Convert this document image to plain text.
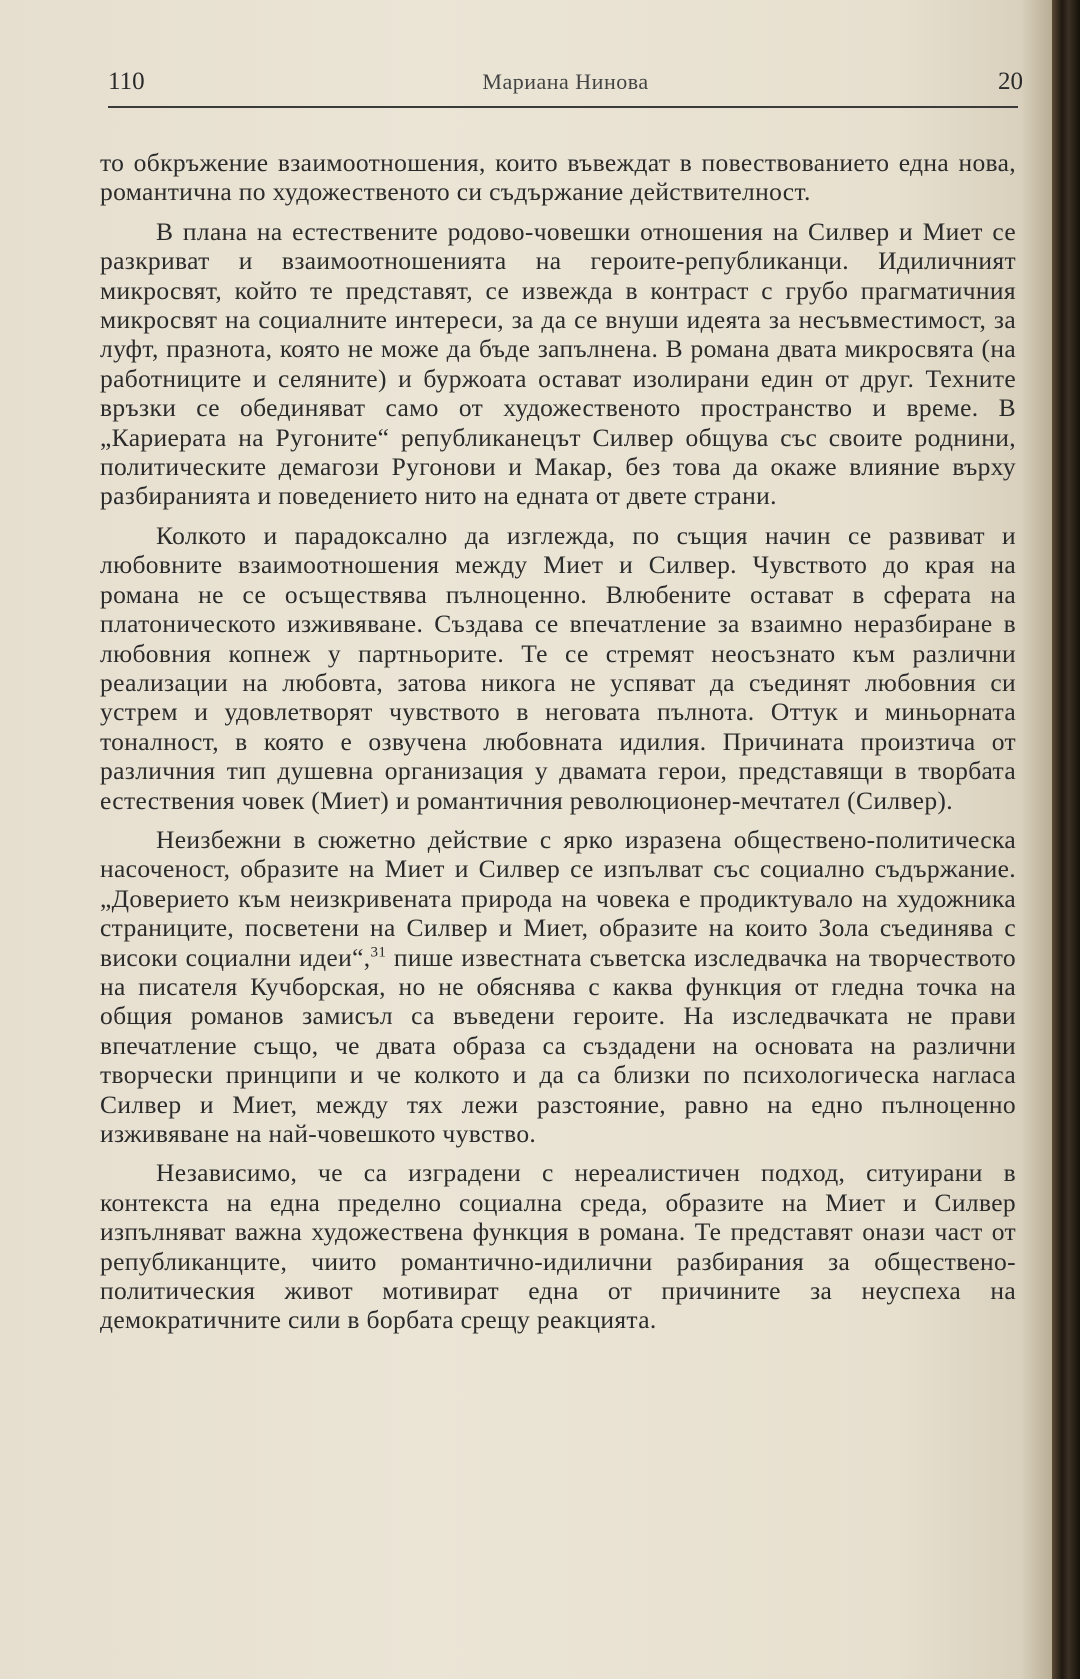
110	Мариана Нинова	20

то обкръжение взаимоотношения, които въвеждат в повествованието една нова, романтична по художественото си съдържание действителност.

В плана на естествените родово-човешки отношения на Силвер и Миет се разкриват и взаимоотношенията на героите-републиканци. Идиличният микросвят, който те представят, се извежда в контраст с грубо прагматичния микросвят на социалните интереси, за да се внуши идеята за несъвместимост, за луфт, празнота, която не може да бъде запълнена. В романа двата микросвята (на работниците и селяните) и буржоата остават изолирани един от друг. Техните връзки се обединяват само от художественото пространство и време. В „Кариерата на Ругоните“ републиканецът Силвер общува със своите роднини, политическите демагози Ругонови и Макар, без това да окаже влияние върху разбиранията и поведението нито на едната от двете страни.

Колкото и парадоксално да изглежда, по същия начин се развиват и любовните взаимоотношения между Миет и Силвер. Чувството до края на романа не се осъществява пълноценно. Влюбените остават в сферата на платоническото изживяване. Създава се впечатление за взаимно неразбиране в любовния копнеж у партньорите. Те се стремят неосъзнато към различни реализации на любовта, затова никога не успяват да съединят любовния си устрем и удовлетворят чувството в неговата пълнота. Оттук и миньорната тоналност, в която е озвучена любовната идилия. Причината произтича от различния тип душевна организация у двамата герои, представящи в творбата естествения човек (Миет) и романтичния революционер-мечтател (Силвер).

Неизбежни в сюжетно действие с ярко изразена обществено-политическа насоченост, образите на Миет и Силвер се изпълват със социално съдържание. „Доверието към неизкривената природа на човека е продиктувало на художника страниците, посветени на Силвер и Миет, образите на които Зола съединява с високи социални идеи“,$^{31}$ пише известната съветска изследвачка на творчеството на писателя Кучборская, но не обяснява с каква функция от гледна точка на общия романов замисъл са въведени героите. На изследвачката не прави впечатление също, че двата образа са създадени на основата на различни творчески принципи и че колкото и да са близки по психологическа нагласа Силвер и Миет, между тях лежи разстояние, равно на едно пълноценно изживяване на най-човешкото чувство.

Независимо, че са изградени с нереалистичен подход, ситуирани в контекста на една пределно социална среда, образите на Миет и Силвер изпълняват важна художествена функция в романа. Те представят онази част от републиканците, чиито романтично-идилични разбирания за обществено-политическия живот мотивират една от причините за неуспеха на демократичните сили в борбата срещу реакцията.
